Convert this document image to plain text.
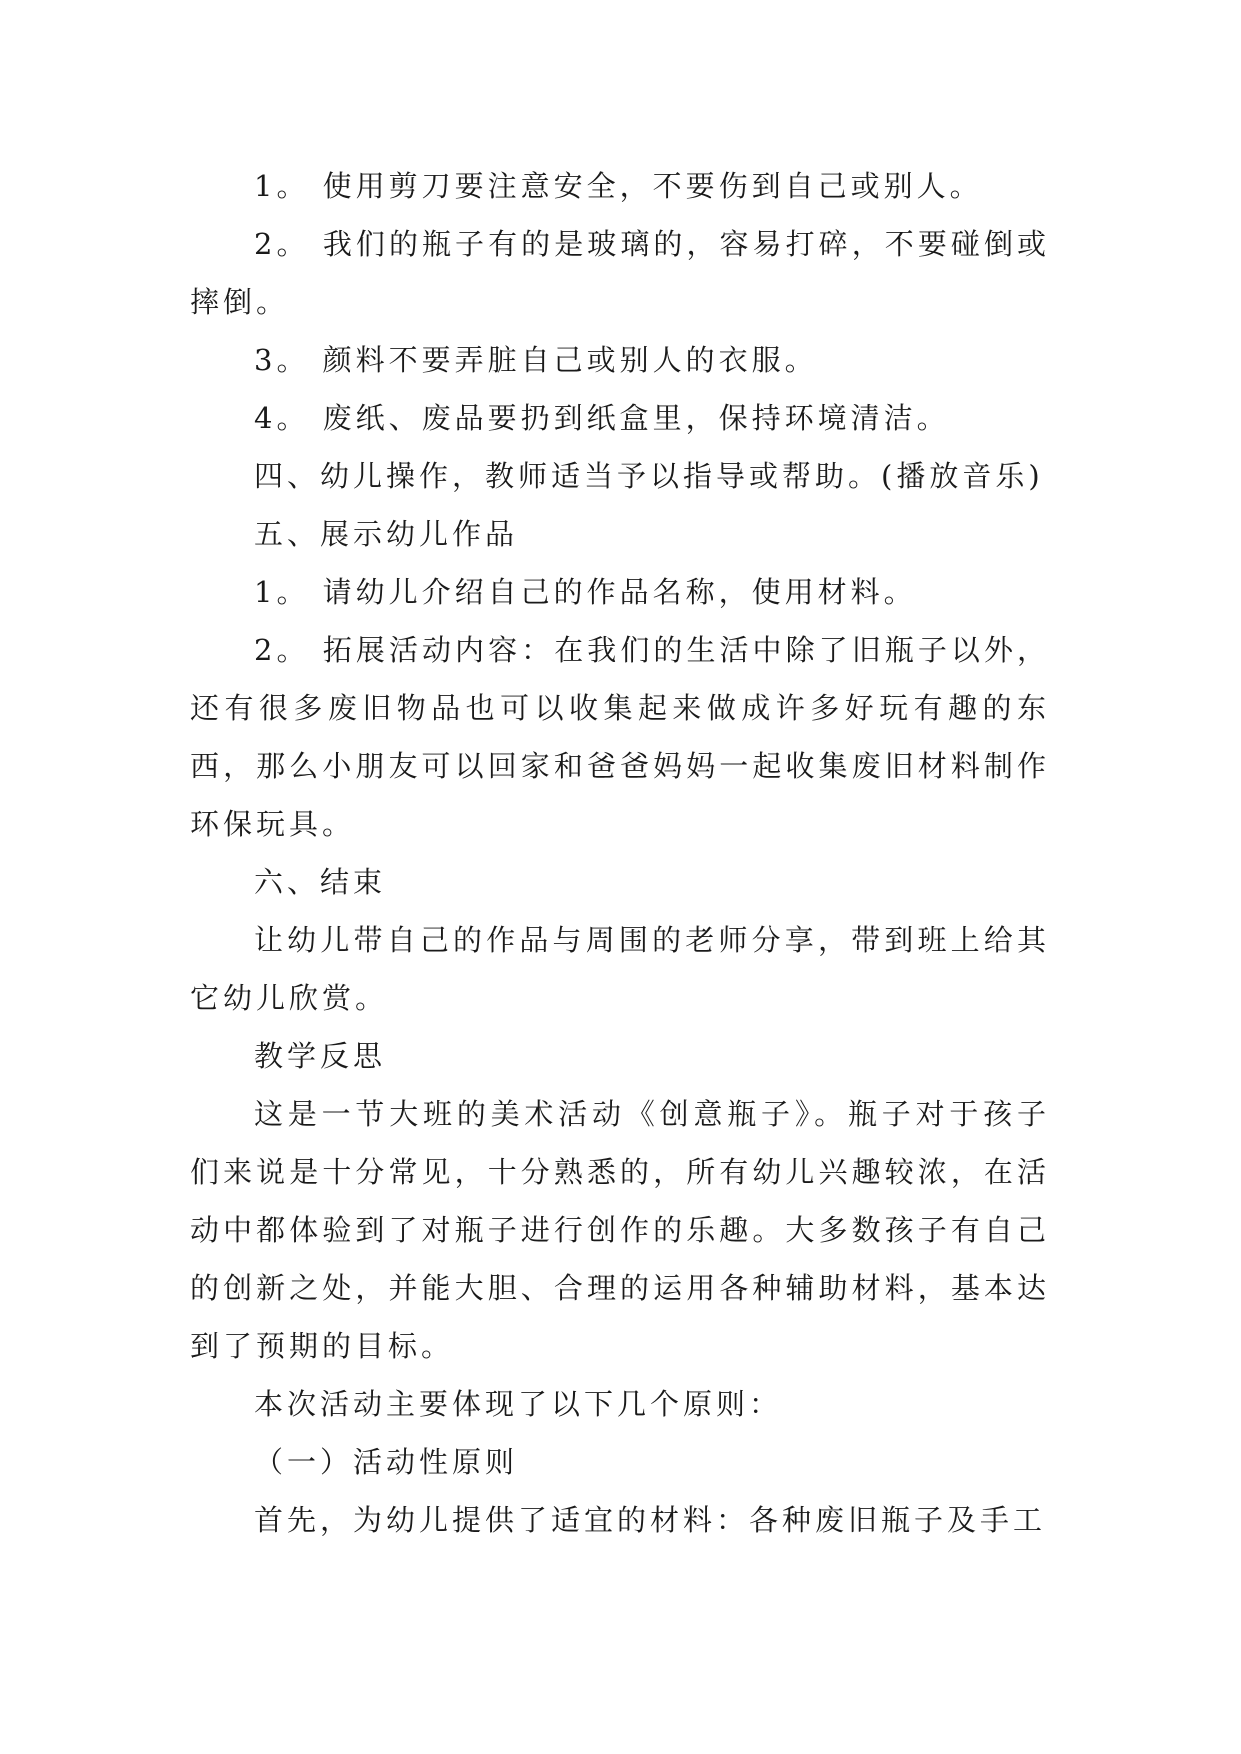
1。 使用剪刀要注意安全，不要伤到自己或别人。

2。 我们的瓶子有的是玻璃的，容易打碎，不要碰倒或摔倒。

3。 颜料不要弄脏自己或别人的衣服。

4。 废纸、废品要扔到纸盒里，保持环境清洁。

四、幼儿操作，教师适当予以指导或帮助。(播放音乐)

五、展示幼儿作品

1。 请幼儿介绍自己的作品名称，使用材料。

2。 拓展活动内容：在我们的生活中除了旧瓶子以外，还有很多废旧物品也可以收集起来做成许多好玩有趣的东西，那么小朋友可以回家和爸爸妈妈一起收集废旧材料制作环保玩具。

六、结束

让幼儿带自己的作品与周围的老师分享，带到班上给其它幼儿欣赏。

教学反思

这是一节大班的美术活动《创意瓶子》。瓶子对于孩子们来说是十分常见，十分熟悉的，所有幼儿兴趣较浓，在活动中都体验到了对瓶子进行创作的乐趣。大多数孩子有自己的创新之处，并能大胆、合理的运用各种辅助材料，基本达到了预期的目标。

本次活动主要体现了以下几个原则：

（一）活动性原则

首先，为幼儿提供了适宜的材料：各种废旧瓶子及手工
